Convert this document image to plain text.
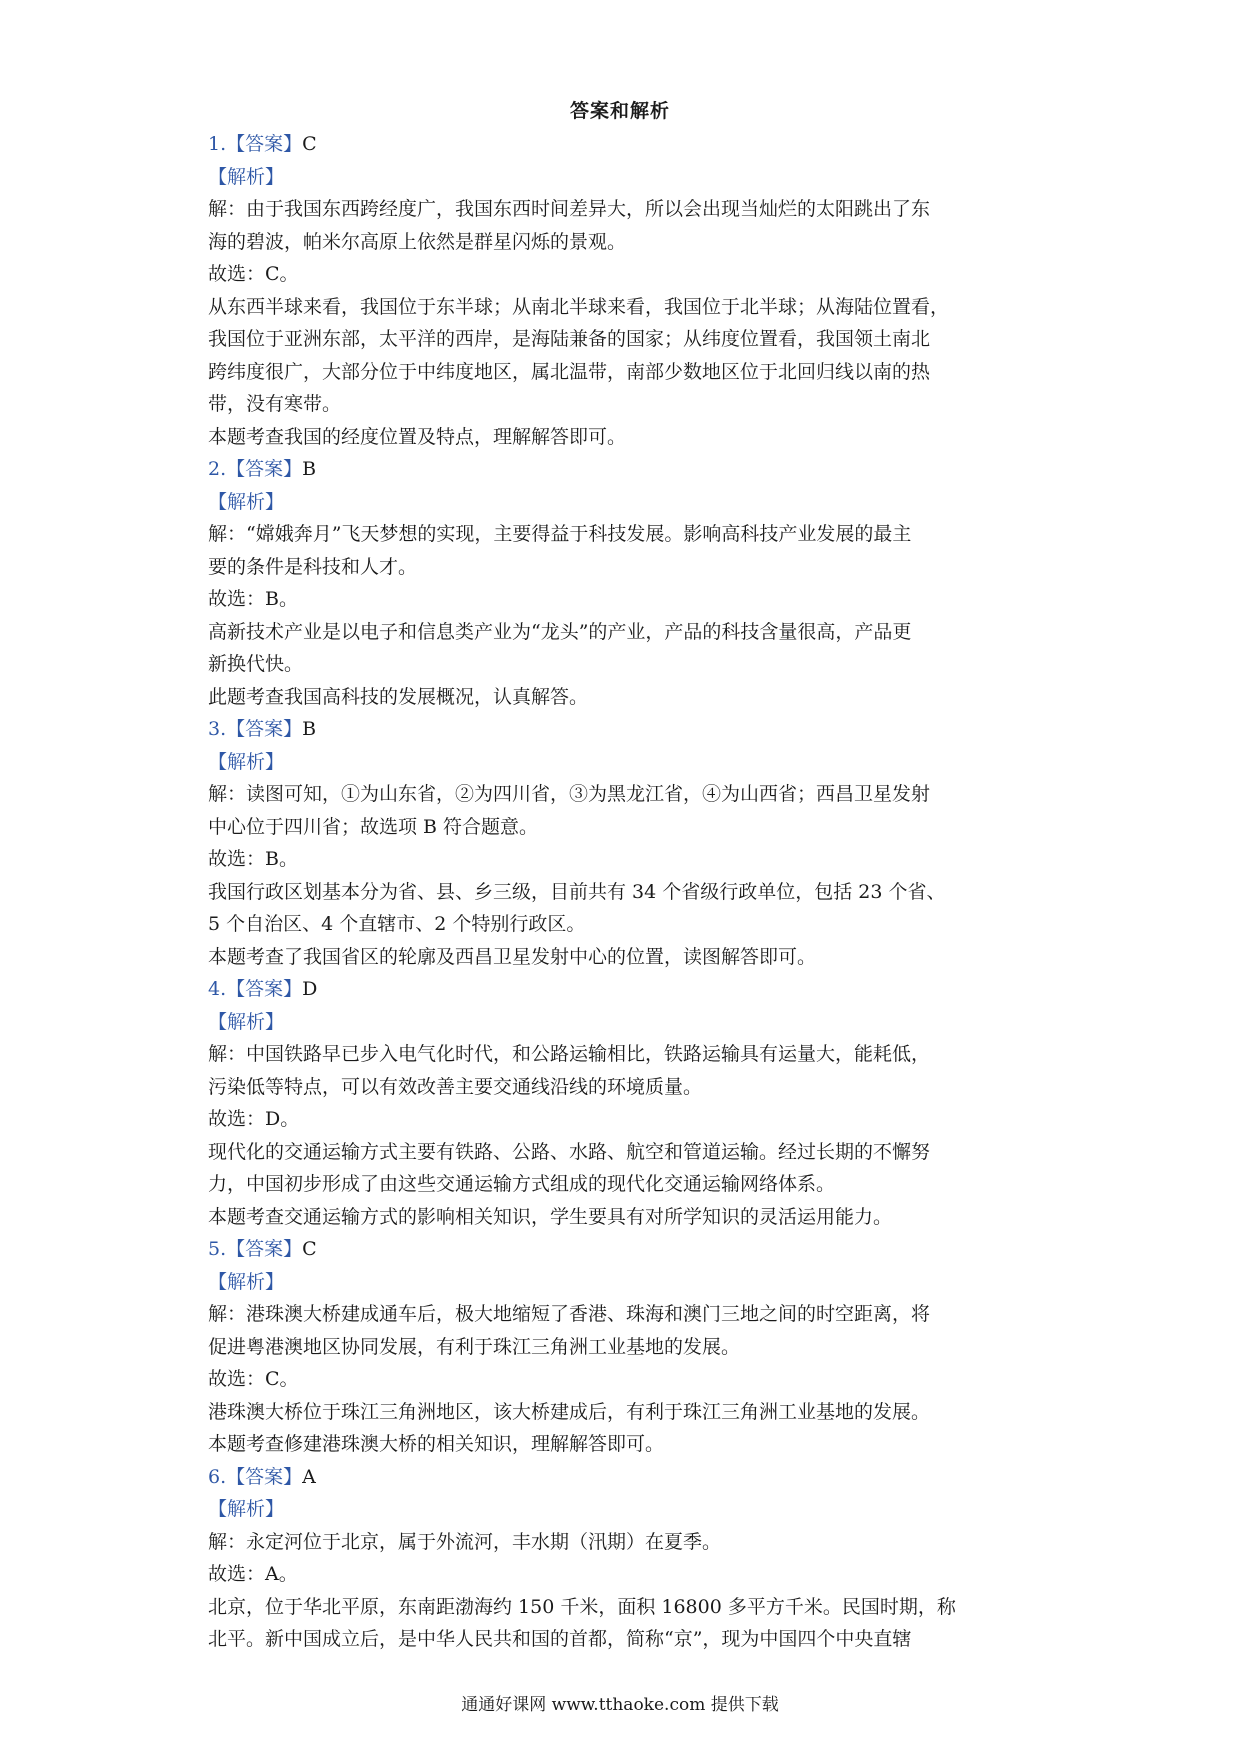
答案和解析
1.【答案】C
【解析】
解：由于我国东西跨经度广，我国东西时间差异大，所以会出现当灿烂的太阳跳出了东
海的碧波，帕米尔高原上依然是群星闪烁的景观。
故选：C。
从东西半球来看，我国位于东半球；从南北半球来看，我国位于北半球；从海陆位置看，
我国位于亚洲东部，太平洋的西岸，是海陆兼备的国家；从纬度位置看，我国领土南北
跨纬度很广，大部分位于中纬度地区，属北温带，南部少数地区位于北回归线以南的热
带，没有寒带。
本题考查我国的经度位置及特点，理解解答即可。
2.【答案】B
【解析】
解：“嫦娥奔月”飞天梦想的实现，主要得益于科技发展。影响高科技产业发展的最主
要的条件是科技和人才。
故选：B。
高新技术产业是以电子和信息类产业为“龙头”的产业，产品的科技含量很高，产品更
新换代快。
此题考查我国高科技的发展概况，认真解答。
3.【答案】B
【解析】
解：读图可知，①为山东省，②为四川省，③为黑龙江省，④为山西省；西昌卫星发射
中心位于四川省；故选项 B 符合题意。
故选：B。
我国行政区划基本分为省、县、乡三级，目前共有 34 个省级行政单位，包括 23 个省、
5 个自治区、4 个直辖市、2 个特别行政区。
本题考查了我国省区的轮廓及西昌卫星发射中心的位置，读图解答即可。
4.【答案】D
【解析】
解：中国铁路早已步入电气化时代，和公路运输相比，铁路运输具有运量大，能耗低，
污染低等特点，可以有效改善主要交通线沿线的环境质量。
故选：D。
现代化的交通运输方式主要有铁路、公路、水路、航空和管道运输。经过长期的不懈努
力，中国初步形成了由这些交通运输方式组成的现代化交通运输网络体系。
本题考查交通运输方式的影响相关知识，学生要具有对所学知识的灵活运用能力。
5.【答案】C
【解析】
解：港珠澳大桥建成通车后，极大地缩短了香港、珠海和澳门三地之间的时空距离，将
促进粤港澳地区协同发展，有利于珠江三角洲工业基地的发展。
故选：C。
港珠澳大桥位于珠江三角洲地区，该大桥建成后，有利于珠江三角洲工业基地的发展。
本题考查修建港珠澳大桥的相关知识，理解解答即可。
6.【答案】A
【解析】
解：永定河位于北京，属于外流河，丰水期（汛期）在夏季。
故选：A。
北京，位于华北平原，东南距渤海约 150 千米，面积 16800 多平方千米。民国时期，称
北平。新中国成立后，是中华人民共和国的首都，简称“京”，现为中国四个中央直辖
通通好课网 www.tthaoke.com 提供下载
